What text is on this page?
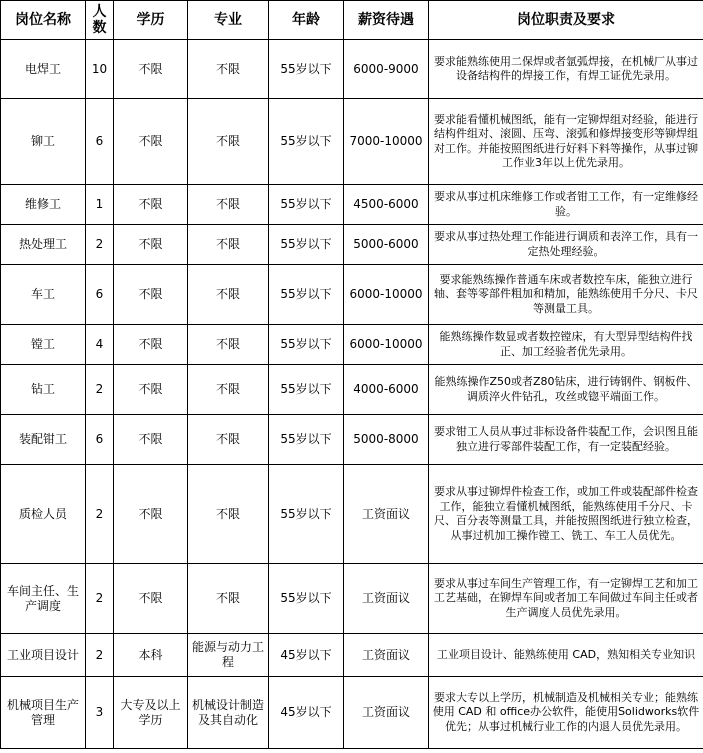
岗位名称	人数	学历	专业	年龄	薪资待遇	岗位职责及要求
电焊工	10	不限	不限	55岁以下	6000-9000	要求能熟练使用二保焊或者氩弧焊接，在机械厂从事过设备结构件的焊接工作，有焊工证优先录用。
铆工	6	不限	不限	55岁以下	7000-10000	要求能看懂机械图纸，能有一定铆焊组对经验，能进行结构件组对、滚圆、压弯、滚弧和修焊接变形等铆焊组对工作。并能按照图纸进行好料下料等操作，从事过铆工作业3年以上优先录用。
维修工	1	不限	不限	55岁以下	4500-6000	要求从事过机床维修工作或者钳工工作，有一定维修经验。
热处理工	2	不限	不限	55岁以下	5000-6000	要求从事过热处理工作能进行调质和表淬工作，具有一定热处理经验。
车工	6	不限	不限	55岁以下	6000-10000	要求能熟练操作普通车床或者数控车床，能独立进行轴、套等零部件粗加和精加，能熟练使用千分尺、卡尺等测量工具。
镗工	4	不限	不限	55岁以下	6000-10000	能熟练操作数显或者数控镗床，有大型异型结构件找正、加工经验者优先录用。
钻工	2	不限	不限	55岁以下	4000-6000	能熟练操作Z50或者Z80钻床，进行铸钢件、钢板件、调质淬火件钻孔，攻丝或锪平端面工作。
装配钳工	6	不限	不限	55岁以下	5000-8000	要求钳工人员从事过非标设备件装配工作，会识图且能独立进行零部件装配工作，有一定装配经验。
质检人员	2	不限	不限	55岁以下	工资面议	要求从事过铆焊件检查工作，或加工件或装配部件检查工作，能独立看懂机械图纸，能熟练使用千分尺、卡尺、百分表等测量工具，并能按照图纸进行独立检查，从事过机加工操作镗工、铣工、车工人员优先。
车间主任、生产调度	2	不限	不限	55岁以下	工资面议	要求从事过车间生产管理工作，有一定铆焊工艺和加工工艺基础，在铆焊车间或者加工车间做过车间主任或者生产调度人员优先录用。
工业项目设计	2	本科	能源与动力工程	45岁以下	工资面议	工业项目设计、能熟练使用 CAD，熟知相关专业知识
机械项目生产管理	3	大专及以上学历	机械设计制造及其自动化	45岁以下	工资面议	要求大专以上学历，机械制造及机械相关专业；能熟练使用 CAD 和 office办公软件，能使用Solidworks软件优先；从事过机械行业工作的内退人员优先录用。
